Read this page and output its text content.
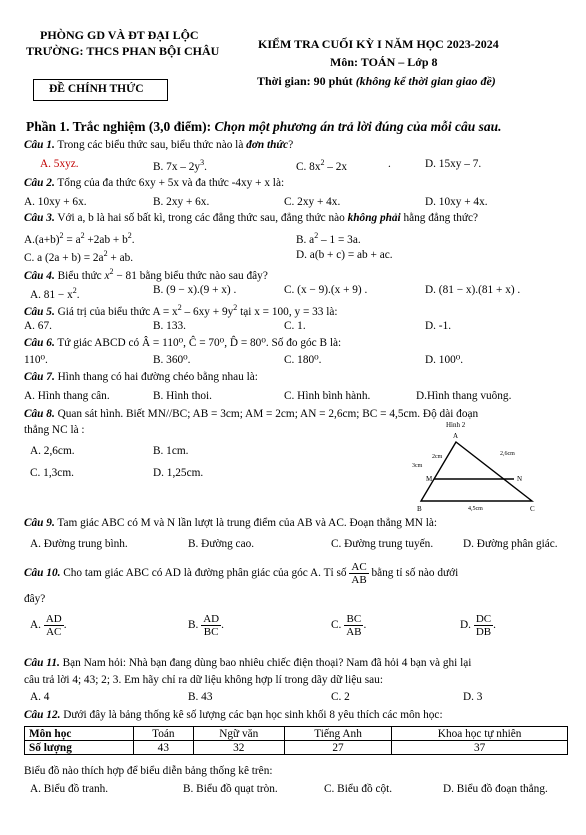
PHÒNG GD VÀ ĐT ĐẠI LỘC
TRƯỜNG: THCS PHAN BỘI CHÂU
ĐỀ CHÍNH THỨC
KIỂM TRA CUỐI KỲ I NĂM HỌC 2023-2024
Môn: TOÁN – Lớp 8
Thời gian: 90 phút (không kể thời gian giao đề)
Phần 1. Trắc nghiệm (3,0 điểm): Chọn một phương án trả lời đúng của mỗi câu sau.
Câu 1. Trong các biểu thức sau, biểu thức nào là đơn thức?
A. 5xyz.	B. $7x - 2y^3$.	C. $8x^2 - 2x$	.	D. 15xy – 7.
Câu 2. Tổng của đa thức 6xy + 5x và đa thức -4xy + x là:
A. 10xy + 6x.	B. 2xy + 6x.	C. 2xy + 4x.	D. 10xy + 4x.
Câu 3. Với a, b là hai số bất kì, trong các đẳng thức sau, đẳng thức nào không phải hằng đẳng thức?
$A.(a+b)^2 = a^2 +2ab + b^2$.	B. $a^2 - 1 = 3a$.
C. a $(2a + b) = 2a^2$ + ab.	D. a(b + c) = ab + ac.
Câu 4. Biểu thức $x^2 - 81$ bằng biểu thức nào sau đây?
A. $81 - x^2$.	B. (9 − x).(9 + x) .	C. (x − 9).(x + 9) .	D. (81 − x).(81 + x) .
Câu 5. Giá trị của biểu thức $A = x^2 - 6xy + 9y^2$ tại x = 100, y = 33 là:
A. 67.	B. 133.	C. 1.	D. -1.
Câu 6. Tứ giác ABCD có Â = 110⁰, Ĉ = 70⁰, D̂ = 80⁰. Số đo góc B là:
110⁰.	B. 360⁰.	C. 180⁰.	D. 100⁰.
Câu 7. Hình thang có hai đường chéo bằng nhau là:
A. Hình thang cân.	B. Hình thoi.	C. Hình bình hành.	D.Hình thang vuông.
Câu 8. Quan sát hình. Biết MN//BC; AB = 3cm; AM = 2cm; AN = 2,6cm; BC = 4,5cm. Độ dài đoạn
thẳng NC là :
A. 2,6cm.	B. 1cm.
C. 1,3cm.	D. 1,25cm.
Hình 2
A
B	C
M	N
2cm
3cm
2,6cm
4,5cm
Câu 9. Tam giác ABC có M và N lần lượt là trung điểm của AB và AC. Đoạn thẳng MN là:
A. Đường trung bình.	B. Đường cao.	C. Đường trung tuyến.	D. Đường phân giác.
Câu 10. Cho tam giác ABC có AD là đường phân giác của góc A. Tỉ số $\frac{AC}{AB}$ bằng tỉ số nào dưới
đây?
A. $\frac{AD}{AC}$ .	B. $\frac{AD}{BC}$ .	C. $\frac{BC}{AB}$ .	D. $\frac{DC}{DB}$ .
Câu 11. Bạn Nam hỏi: Nhà bạn đang dùng bao nhiêu chiếc điện thoại? Nam đã hỏi 4 bạn và ghi lại
câu trả lời 4; 43; 2; 3. Em hãy chỉ ra dữ liệu không hợp lí trong dãy dữ liệu sau:
A. 4	B. 43	C. 2	D. 3
Câu 12. Dưới đây là bảng thống kê số lượng các bạn học sinh khối 8 yêu thích các môn học:
Môn học	Toán	Ngữ văn	Tiếng Anh	Khoa học tự nhiên
Số lượng	43	32	27	37
Biểu đồ nào thích hợp để biểu diễn bảng thống kê trên:
A. Biểu đồ tranh.	B. Biểu đồ quạt tròn.	C. Biểu đồ cột.	D. Biểu đồ đoạn thẳng.
